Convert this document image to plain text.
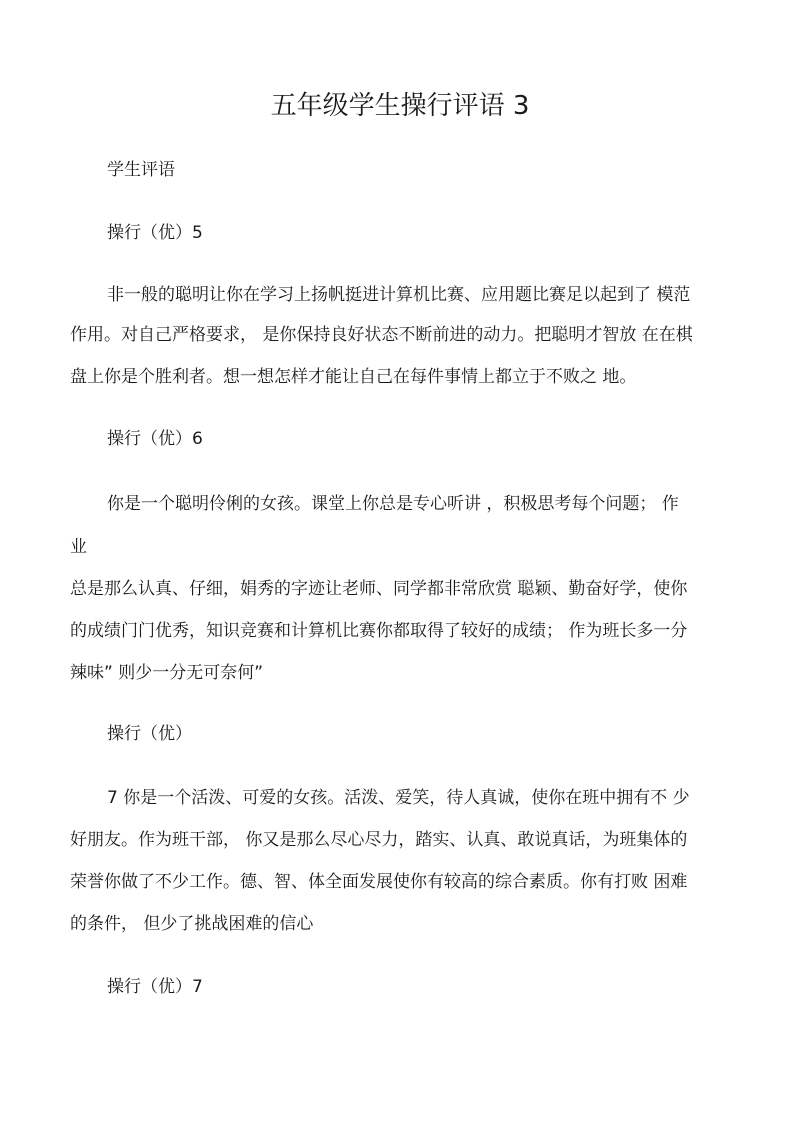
五年级学生操行评语 3

学生评语

操行（优）5

非一般的聪明让你在学习上扬帆挺进计算机比赛、应用题比赛足以起到了 模范

作用。对自己严格要求， 是你保持良好状态不断前进的动力。把聪明才智放 在在棋

盘上你是个胜利者。想一想怎样才能让自己在每件事情上都立于不败之 地。

操行（优）6

你是一个聪明伶俐的女孩。课堂上你总是专心听讲 ，积极思考每个问题； 作

业

总是那么认真、仔细，娟秀的字迹让老师、同学都非常欣赏 聪颖、勤奋好学，使你

的成绩门门优秀，知识竞赛和计算机比赛你都取得了较好的成绩； 作为班长多一分

辣味” 则少一分无可奈何”

操行（优）

7 你是一个活泼、可爱的女孩。活泼、爱笑，待人真诚，使你在班中拥有不 少

好朋友。作为班干部， 你又是那么尽心尽力，踏实、认真、敢说真话，为班集体的

荣誉你做了不少工作。德、智、体全面发展使你有较高的综合素质。你有打败 困难

的条件， 但少了挑战困难的信心

操行（优）7
